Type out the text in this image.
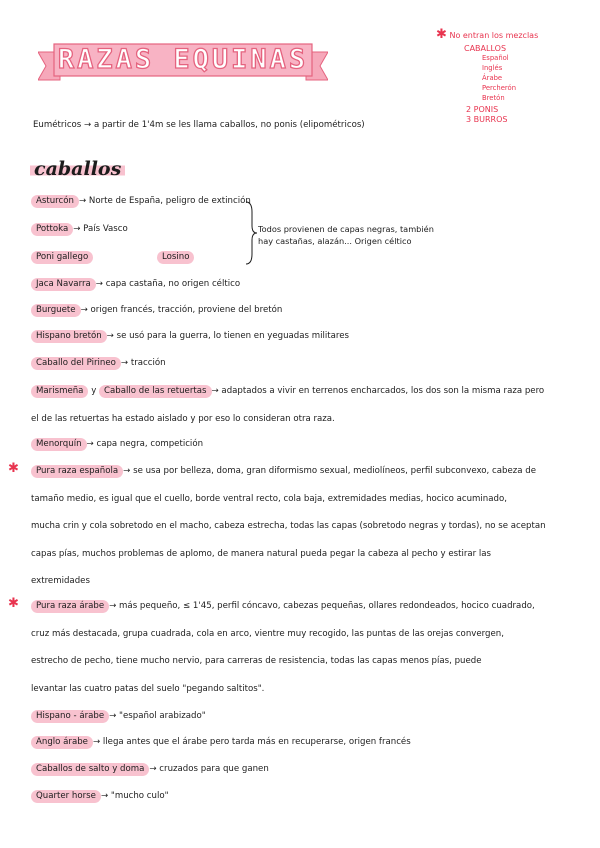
RAZAS EQUINAS
✱ No entran los mezclas
CABALLOS
Español
Inglés
Árabe
Percherón
Bretón
2 PONIS
3 BURROS
Eumétricos → a partir de 1'4m se les llama caballos, no ponis (elipométricos)
caballos
Asturcón → Norte de España, peligro de extinción
Pottoka → País Vasco
Poni gallego	Losino
Todos provienen de capas negras, también
hay castañas, alazán... Origen céltico
Jaca Navarra → capa castaña, no origen céltico
Burguete → origen francés, tracción, proviene del bretón
Hispano bretón → se usó para la guerra, lo tienen en yeguadas militares
Caballo del Pirineo → tracción
Marismeña y Caballo de las retuertas → adaptados a vivir en terrenos encharcados, los dos son la misma raza pero
el de las retuertas ha estado aislado y por eso lo consideran otra raza.
Menorquín → capa negra, competición
✱	Pura raza española → se usa por belleza, doma, gran diformismo sexual, mediolíneos, perfil subconvexo, cabeza de
tamaño medio, es igual que el cuello, borde ventral recto, cola baja, extremidades medias, hocico acuminado,
mucha crin y cola sobretodo en el macho, cabeza estrecha, todas las capas (sobretodo negras y tordas), no se aceptan
capas pías, muchos problemas de aplomo, de manera natural pueda pegar la cabeza al pecho y estirar las
extremidades
✱	Pura raza árabe → más pequeño, ≤ 1'45, perfil cóncavo, cabezas pequeñas, ollares redondeados, hocico cuadrado,
cruz más destacada, grupa cuadrada, cola en arco, vientre muy recogido, las puntas de las orejas convergen,
estrecho de pecho, tiene mucho nervio, para carreras de resistencia, todas las capas menos pías, puede
levantar las cuatro patas del suelo "pegando saltitos".
Hispano - árabe → "español arabizado"
Anglo árabe → llega antes que el árabe pero tarda más en recuperarse, origen francés
Caballos de salto y doma → cruzados para que ganen
Quarter horse → "mucho culo"
